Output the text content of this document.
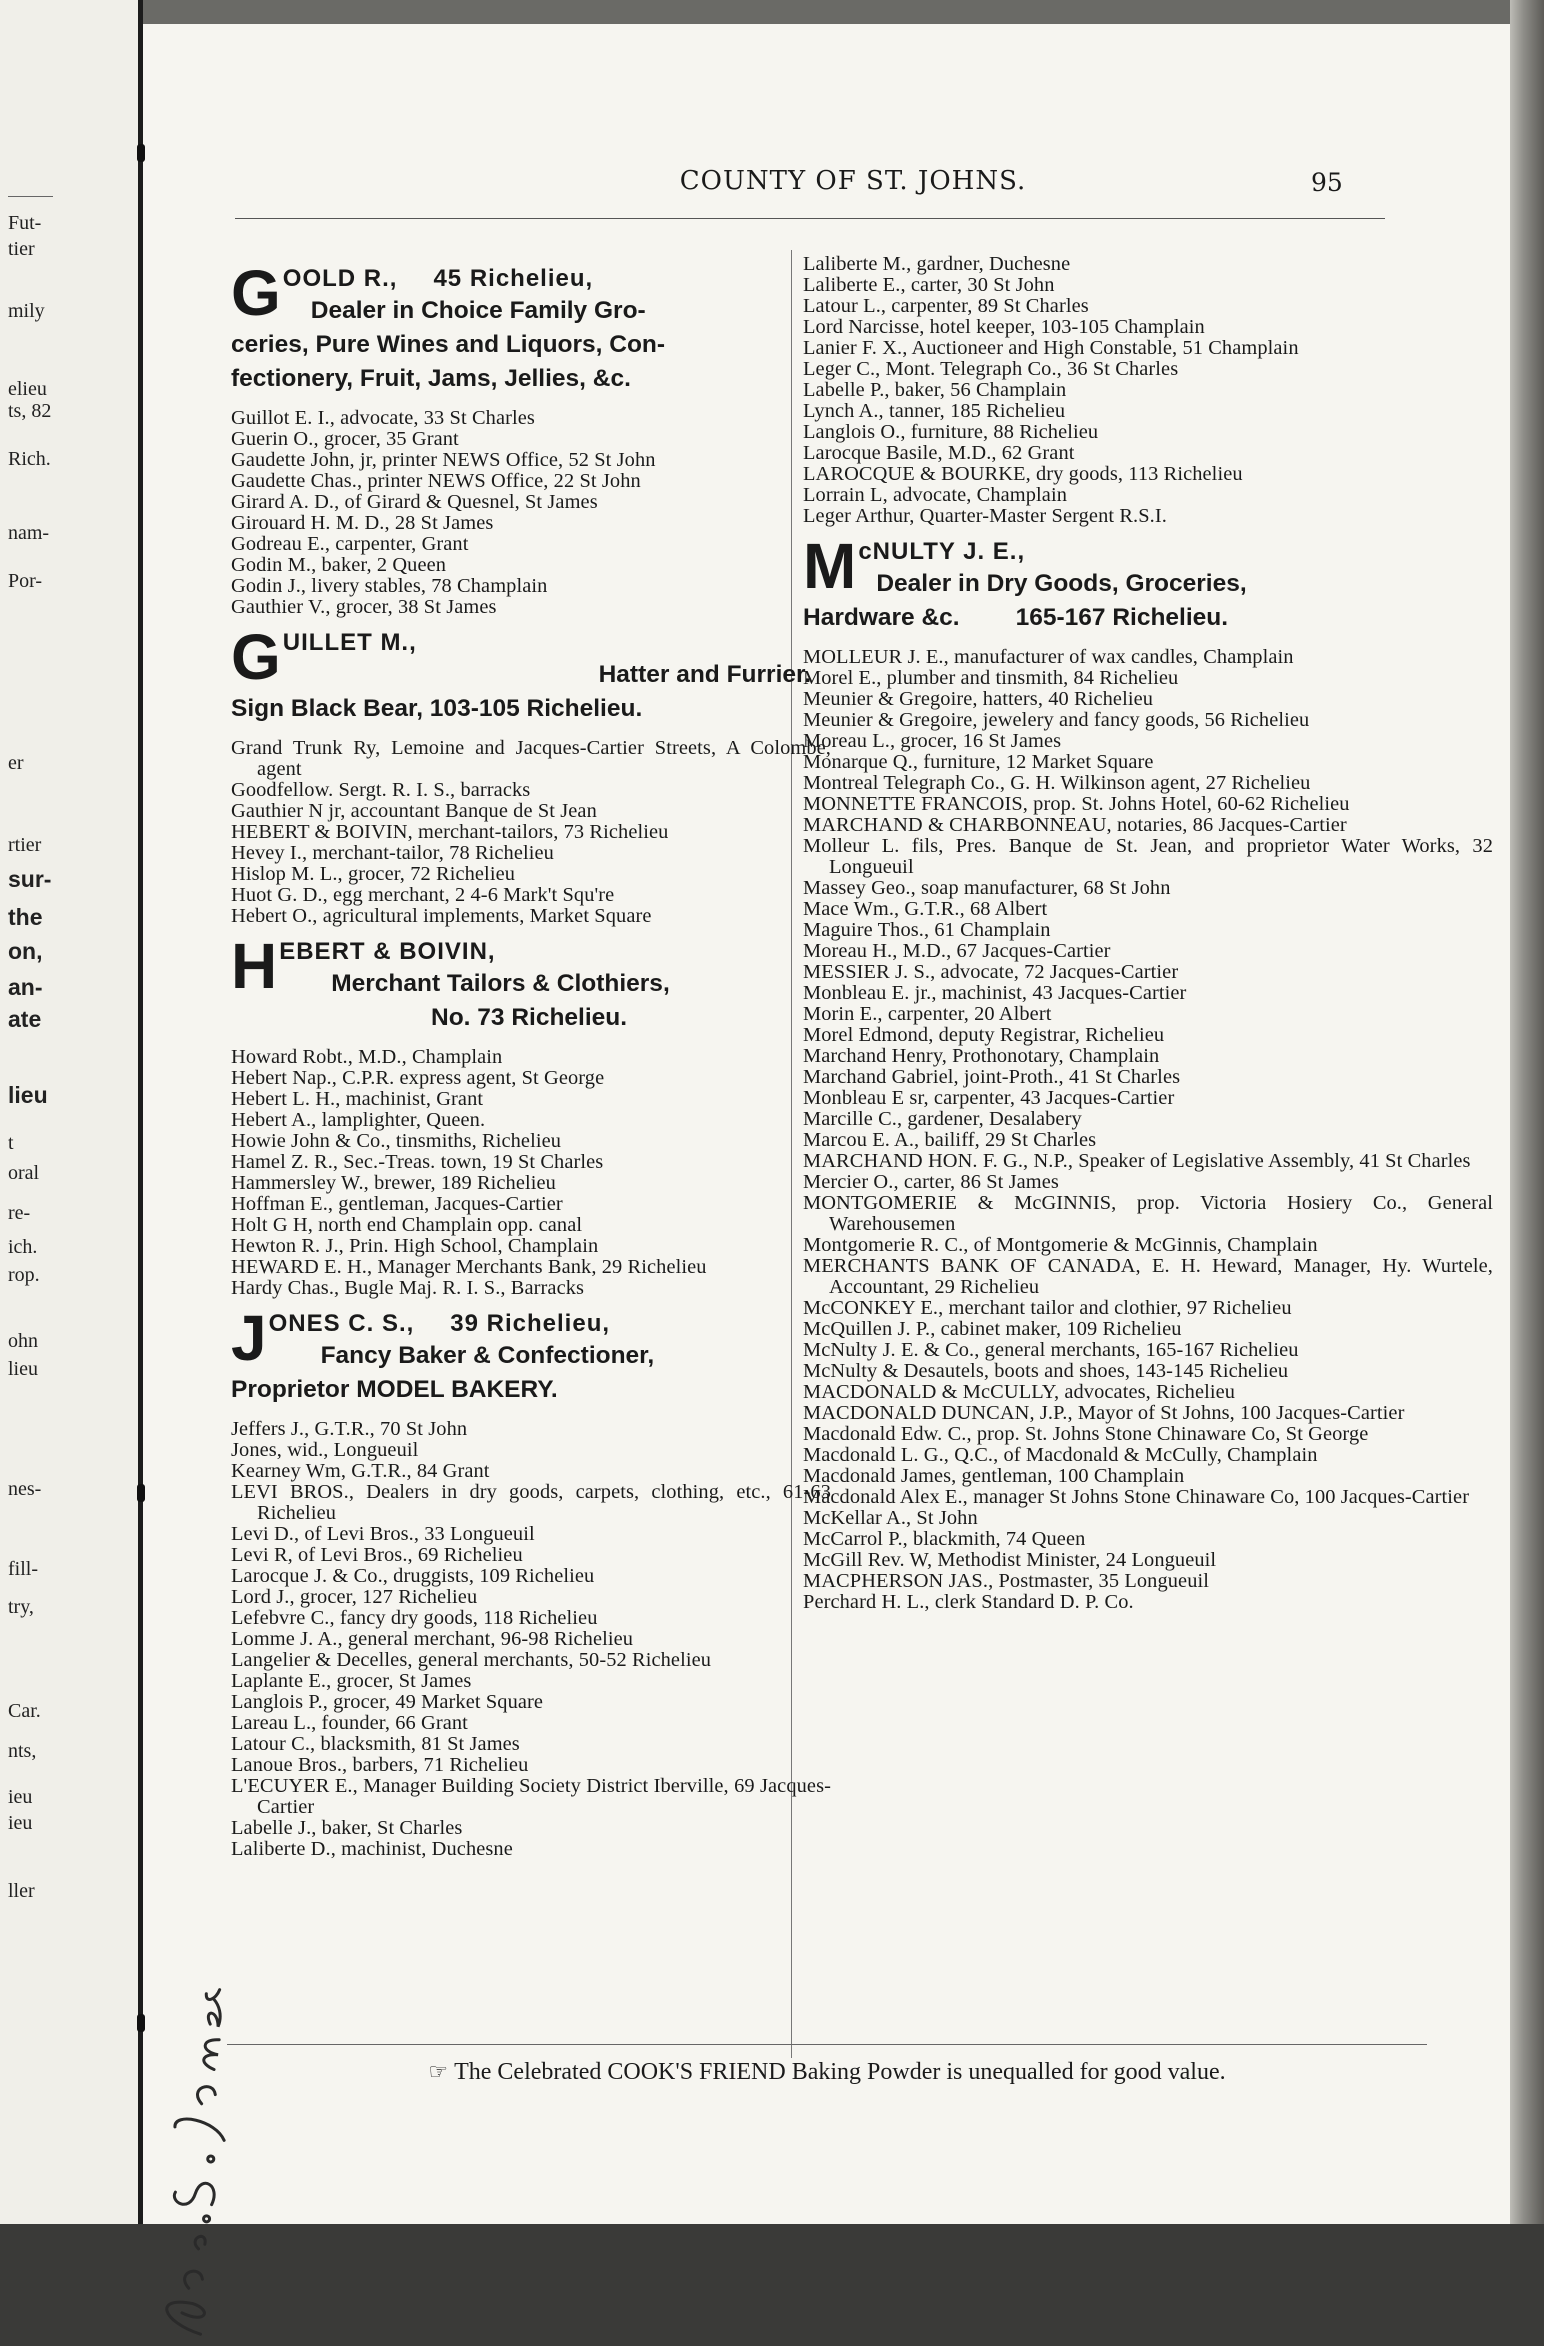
Fut-
tier
mily
elieu
ts, 82
Rich.
nam-
Por-
er
rtier
sur-
the
on,
an-
ate
lieu
t
oral
re-
ich.
rop.
ohn
lieu
nes-
fill-
try,
Car.
nts,
ieu
ieu
ller
COUNTY OF ST. JOHNS.	95
G OOLD R., 45 Richelieu,
Dealer in Choice Family Gro-
ceries, Pure Wines and Liquors, Con-
fectionery, Fruit, Jams, Jellies, &c.
Guillot E. I., advocate, 33 St Charles
Guerin O., grocer, 35 Grant
Gaudette John, jr, printer NEWS Office, 52 St John
Gaudette Chas., printer NEWS Office, 22 St John
Girard A. D., of Girard & Quesnel, St James
Girouard H. M. D., 28 St James
Godreau E., carpenter, Grant
Godin M., baker, 2 Queen
Godin J., livery stables, 78 Champlain
Gauthier V., grocer, 38 St James
G UILLET M.,
Hatter and Furrier.
Sign Black Bear, 103-105 Richelieu.
Grand Trunk Ry, Lemoine and Jacques-Cartier Streets, A Colombe, agent
Goodfellow. Sergt. R. I. S., barracks
Gauthier N jr, accountant Banque de St Jean
HEBERT & BOIVIN, merchant-tailors, 73 Richelieu
Hevey I., merchant-tailor, 78 Richelieu
Hislop M. L., grocer, 72 Richelieu
Huot G. D., egg merchant, 2 4-6 Mark't Squ're
Hebert O., agricultural implements, Market Square
H EBERT & BOIVIN,
Merchant Tailors & Clothiers,
No. 73 Richelieu.
Howard Robt., M.D., Champlain
Hebert Nap., C.P.R. express agent, St George
Hebert L. H., machinist, Grant
Hebert A., lamplighter, Queen.
Howie John & Co., tinsmiths, Richelieu
Hamel Z. R., Sec.-Treas. town, 19 St Charles
Hammersley W., brewer, 189 Richelieu
Hoffman E., gentleman, Jacques-Cartier
Holt G H, north end Champlain opp. canal
Hewton R. J., Prin. High School, Champlain
HEWARD E. H., Manager Merchants Bank, 29 Richelieu
Hardy Chas., Bugle Maj. R. I. S., Barracks
J ONES C. S., 39 Richelieu,
Fancy Baker & Confectioner,
Proprietor MODEL BAKERY.
Jeffers J., G.T.R., 70 St John
Jones, wid., Longueuil
Kearney Wm, G.T.R., 84 Grant
LEVI BROS., Dealers in dry goods, carpets, clothing, etc., 61-63 Richelieu
Levi D., of Levi Bros., 33 Longueuil
Levi R, of Levi Bros., 69 Richelieu
Larocque J. & Co., druggists, 109 Richelieu
Lord J., grocer, 127 Richelieu
Lefebvre C., fancy dry goods, 118 Richelieu
Lomme J. A., general merchant, 96-98 Richelieu
Langelier & Decelles, general merchants, 50-52 Richelieu
Laplante E., grocer, St James
Langlois P., grocer, 49 Market Square
Lareau L., founder, 66 Grant
Latour C., blacksmith, 81 St James
Lanoue Bros., barbers, 71 Richelieu
L'ECUYER E., Manager Building Society District Iberville, 69 Jacques-Cartier
Labelle J., baker, St Charles
Laliberte D., machinist, Duchesne
Laliberte M., gardner, Duchesne
Laliberte E., carter, 30 St John
Latour L., carpenter, 89 St Charles
Lord Narcisse, hotel keeper, 103-105 Champlain
Lanier F. X., Auctioneer and High Constable, 51 Champlain
Leger C., Mont. Telegraph Co., 36 St Charles
Labelle P., baker, 56 Champlain
Lynch A., tanner, 185 Richelieu
Langlois O., furniture, 88 Richelieu
Larocque Basile, M.D., 62 Grant
LAROCQUE & BOURKE, dry goods, 113 Richelieu
Lorrain L, advocate, Champlain
Leger Arthur, Quarter-Master Sergent R.S.I.
M cNULTY J. E.,
Dealer in Dry Goods, Groceries,
Hardware &c. 165-167 Richelieu.
MOLLEUR J. E., manufacturer of wax candles, Champlain
Morel E., plumber and tinsmith, 84 Richelieu
Meunier & Gregoire, hatters, 40 Richelieu
Meunier & Gregoire, jewelery and fancy goods, 56 Richelieu
Moreau L., grocer, 16 St James
Monarque Q., furniture, 12 Market Square
Montreal Telegraph Co., G. H. Wilkinson agent, 27 Richelieu
MONNETTE FRANCOIS, prop. St. Johns Hotel, 60-62 Richelieu
MARCHAND & CHARBONNEAU, notaries, 86 Jacques-Cartier
Molleur L. fils, Pres. Banque de St. Jean, and proprietor Water Works, 32 Longueuil
Massey Geo., soap manufacturer, 68 St John
Mace Wm., G.T.R., 68 Albert
Maguire Thos., 61 Champlain
Moreau H., M.D., 67 Jacques-Cartier
MESSIER J. S., advocate, 72 Jacques-Cartier
Monbleau E. jr., machinist, 43 Jacques-Cartier
Morin E., carpenter, 20 Albert
Morel Edmond, deputy Registrar, Richelieu
Marchand Henry, Prothonotary, Champlain
Marchand Gabriel, joint-Proth., 41 St Charles
Monbleau E sr, carpenter, 43 Jacques-Cartier
Marcille C., gardener, Desalabery
Marcou E. A., bailiff, 29 St Charles
MARCHAND HON. F. G., N.P., Speaker of Legislative Assembly, 41 St Charles
Mercier O., carter, 86 St James
MONTGOMERIE & McGINNIS, prop. Victoria Hosiery Co., General Warehousemen
Montgomerie R. C., of Montgomerie & McGinnis, Champlain
MERCHANTS BANK OF CANADA, E. H. Heward, Manager, Hy. Wurtele, Accountant, 29 Richelieu
McCONKEY E., merchant tailor and clothier, 97 Richelieu
McQuillen J. P., cabinet maker, 109 Richelieu
McNulty J. E. & Co., general merchants, 165-167 Richelieu
McNulty & Desautels, boots and shoes, 143-145 Richelieu
MACDONALD & McCULLY, advocates, Richelieu
MACDONALD DUNCAN, J.P., Mayor of St Johns, 100 Jacques-Cartier
Macdonald Edw. C., prop. St. Johns Stone Chinaware Co, St George
Macdonald L. G., Q.C., of Macdonald & McCully, Champlain
Macdonald James, gentleman, 100 Champlain
Macdonald Alex E., manager St Johns Stone Chinaware Co, 100 Jacques-Cartier
McKellar A., St John
McCarrol P., blackmith, 74 Queen
McGill Rev. W, Methodist Minister, 24 Longueuil
MACPHERSON JAS., Postmaster, 35 Longueuil
Perchard H. L., clerk Standard D. P. Co.
☞ The Celebrated COOK'S FRIEND Baking Powder is unequalled for good value.
